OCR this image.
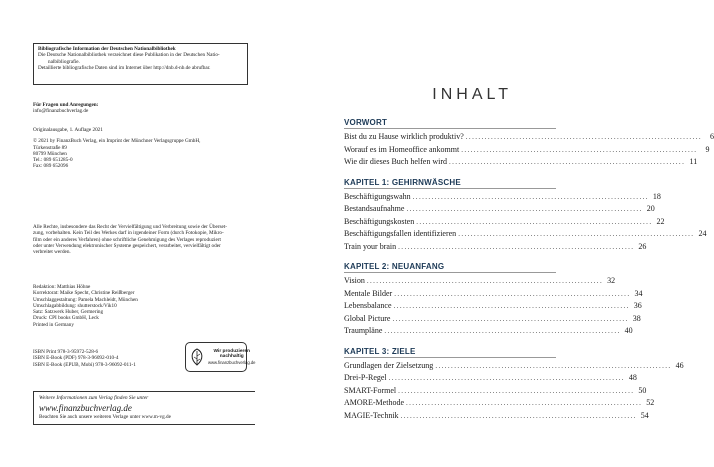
Bibliografische Information der Deutschen Nationalbibliothek
Die Deutsche Nationalbibliothek verzeichnet diese Publikation in der Deutschen Natio-
nalbibliografie.
Detaillierte bibliografische Daten sind im Internet über http://dnb.d-nb.de abrufbar.
Für Fragen und Anregungen:
info@finanzbuchverlag.de
Originalausgabe, 1. Auflage 2021
© 2021 by FinanzBuch Verlag, ein Imprint der Münchner Verlagsgruppe GmbH,
Türkenstraße 89
80799 München
Tel.: 089 651285-0
Fax: 089 652096
Alle Rechte, insbesondere das Recht der Vervielfältigung und Verbreitung sowie der Überset-
zung, vorbehalten. Kein Teil des Werkes darf in irgendeiner Form (durch Fotokopie, Mikro-
film oder ein anderes Verfahren) ohne schriftliche Genehmigung des Verlages reproduziert
oder unter Verwendung elektronischer Systeme gespeichert, verarbeitet, vervielfältigt oder
verbreitet werden.
Redaktion: Matthias Höhne
Korrektorat: Maike Specht, Christine Reißberger
Umschlaggestaltung: Pamela Machleidt, München
Umschlagabbildung: shutterstock/Vik10
Satz: Satzwerk Huber, Germering
Druck: CPI books GmbH, Leck
Printed in Germany
ISBN Print 978-3-95972-528-6
ISBN E-Book (PDF) 978-3-96092-010-4
ISBN E-Book (EPUB, Mobi) 978-3-96092-011-1
Wir produzieren
nachhaltig
www.finanzbuchverlag.de
Weitere Informationen zum Verlag finden Sie unter
www.finanzbuchverlag.de
Beachten Sie auch unsere weiteren Verlage unter www.m-vg.de
INHALT
VORWORT
Bist du zu Hause wirklich produktiv? ...........................................................................	6
Worauf es im Homeoffice ankommt ...........................................................................	9
Wie dir dieses Buch helfen wird ........................................................................... 11
KAPITEL 1: GEHIRNWÄSCHE
Beschäftigungswahn ........................................................................... 18
Bestandsaufnahme ........................................................................... 20
Beschäftigungskosten ........................................................................... 22
Beschäftigungsfallen identifizieren ........................................................................... 24
Train your brain ........................................................................... 26
KAPITEL 2: NEUANFANG
Vision ........................................................................... 32
Mentale Bilder ........................................................................... 34
Lebensbalance ........................................................................... 36
Global Picture ........................................................................... 38
Traumpläne ........................................................................... 40
KAPITEL 3: ZIELE
Grundlagen der Zielsetzung ........................................................................... 46
Drei-P-Regel ........................................................................... 48
SMART-Formel ........................................................................... 50
AMORE-Methode ........................................................................... 52
MAGIE-Technik ........................................................................... 54
